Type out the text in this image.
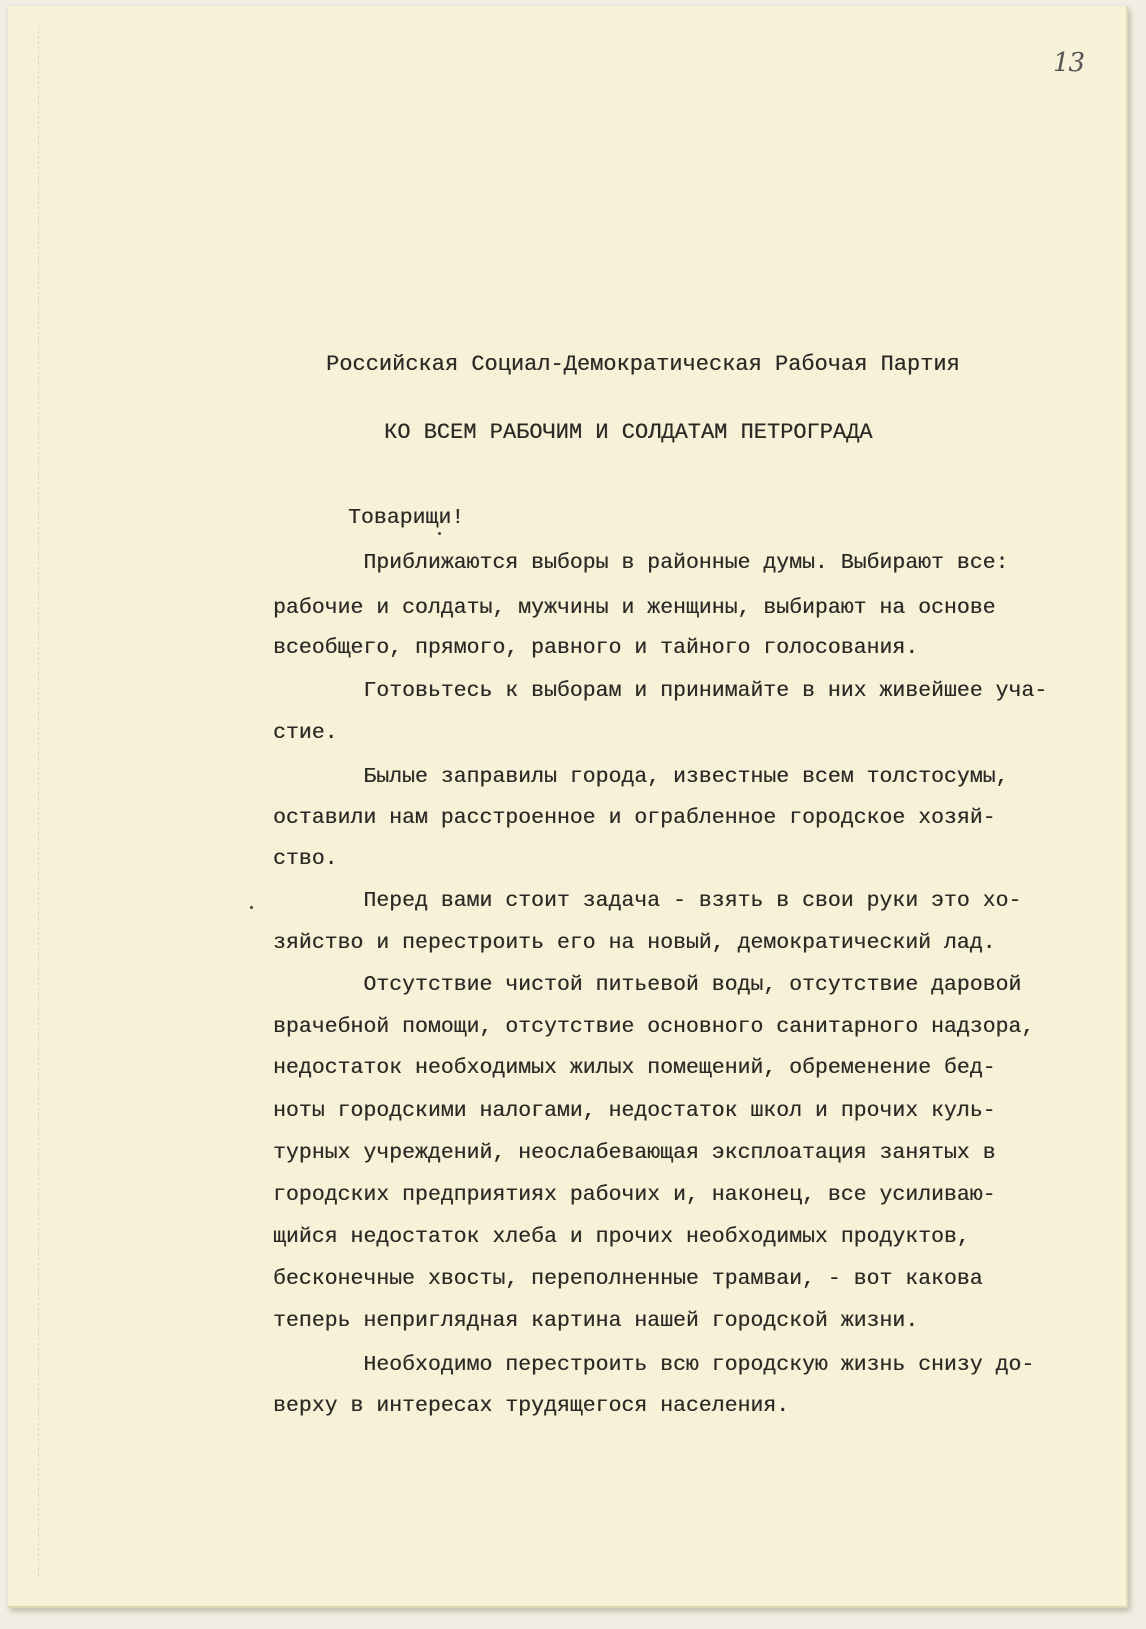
13
Российская Социал-Демократическая Рабочая Партия
КО ВСЕМ РАБОЧИМ И СОЛДАТАМ ПЕТРОГРАДА
Товарищи!
Приближаются выборы в районные думы. Выбирают все:
рабочие и солдаты, мужчины и женщины, выбирают на основе
всеобщего, прямого, равного и тайного голосования.
Готовьтесь к выборам и принимайте в них живейшее уча-
стие.
Былые заправилы города, известные всем толстосумы,
оставили нам расстроенное и ограбленное городское хозяй-
ство.
Перед вами стоит задача - взять в свои руки это хо-
зяйство и перестроить его на новый, демократический лад.
Отсутствие чистой питьевой воды, отсутствие даровой
врачебной помощи, отсутствие основного санитарного надзора,
недостаток необходимых жилых помещений, обременение бед-
ноты городскими налогами, недостаток школ и прочих куль-
турных учреждений, неослабевающая эксплоатация занятых в
городских предприятиях рабочих и, наконец, все усиливаю-
щийся недостаток хлеба и прочих необходимых продуктов,
бесконечные хвосты, переполненные трамваи, - вот какова
теперь неприглядная картина нашей городской жизни.
Необходимо перестроить всю городскую жизнь снизу до-
верху в интересах трудящегося населения.
